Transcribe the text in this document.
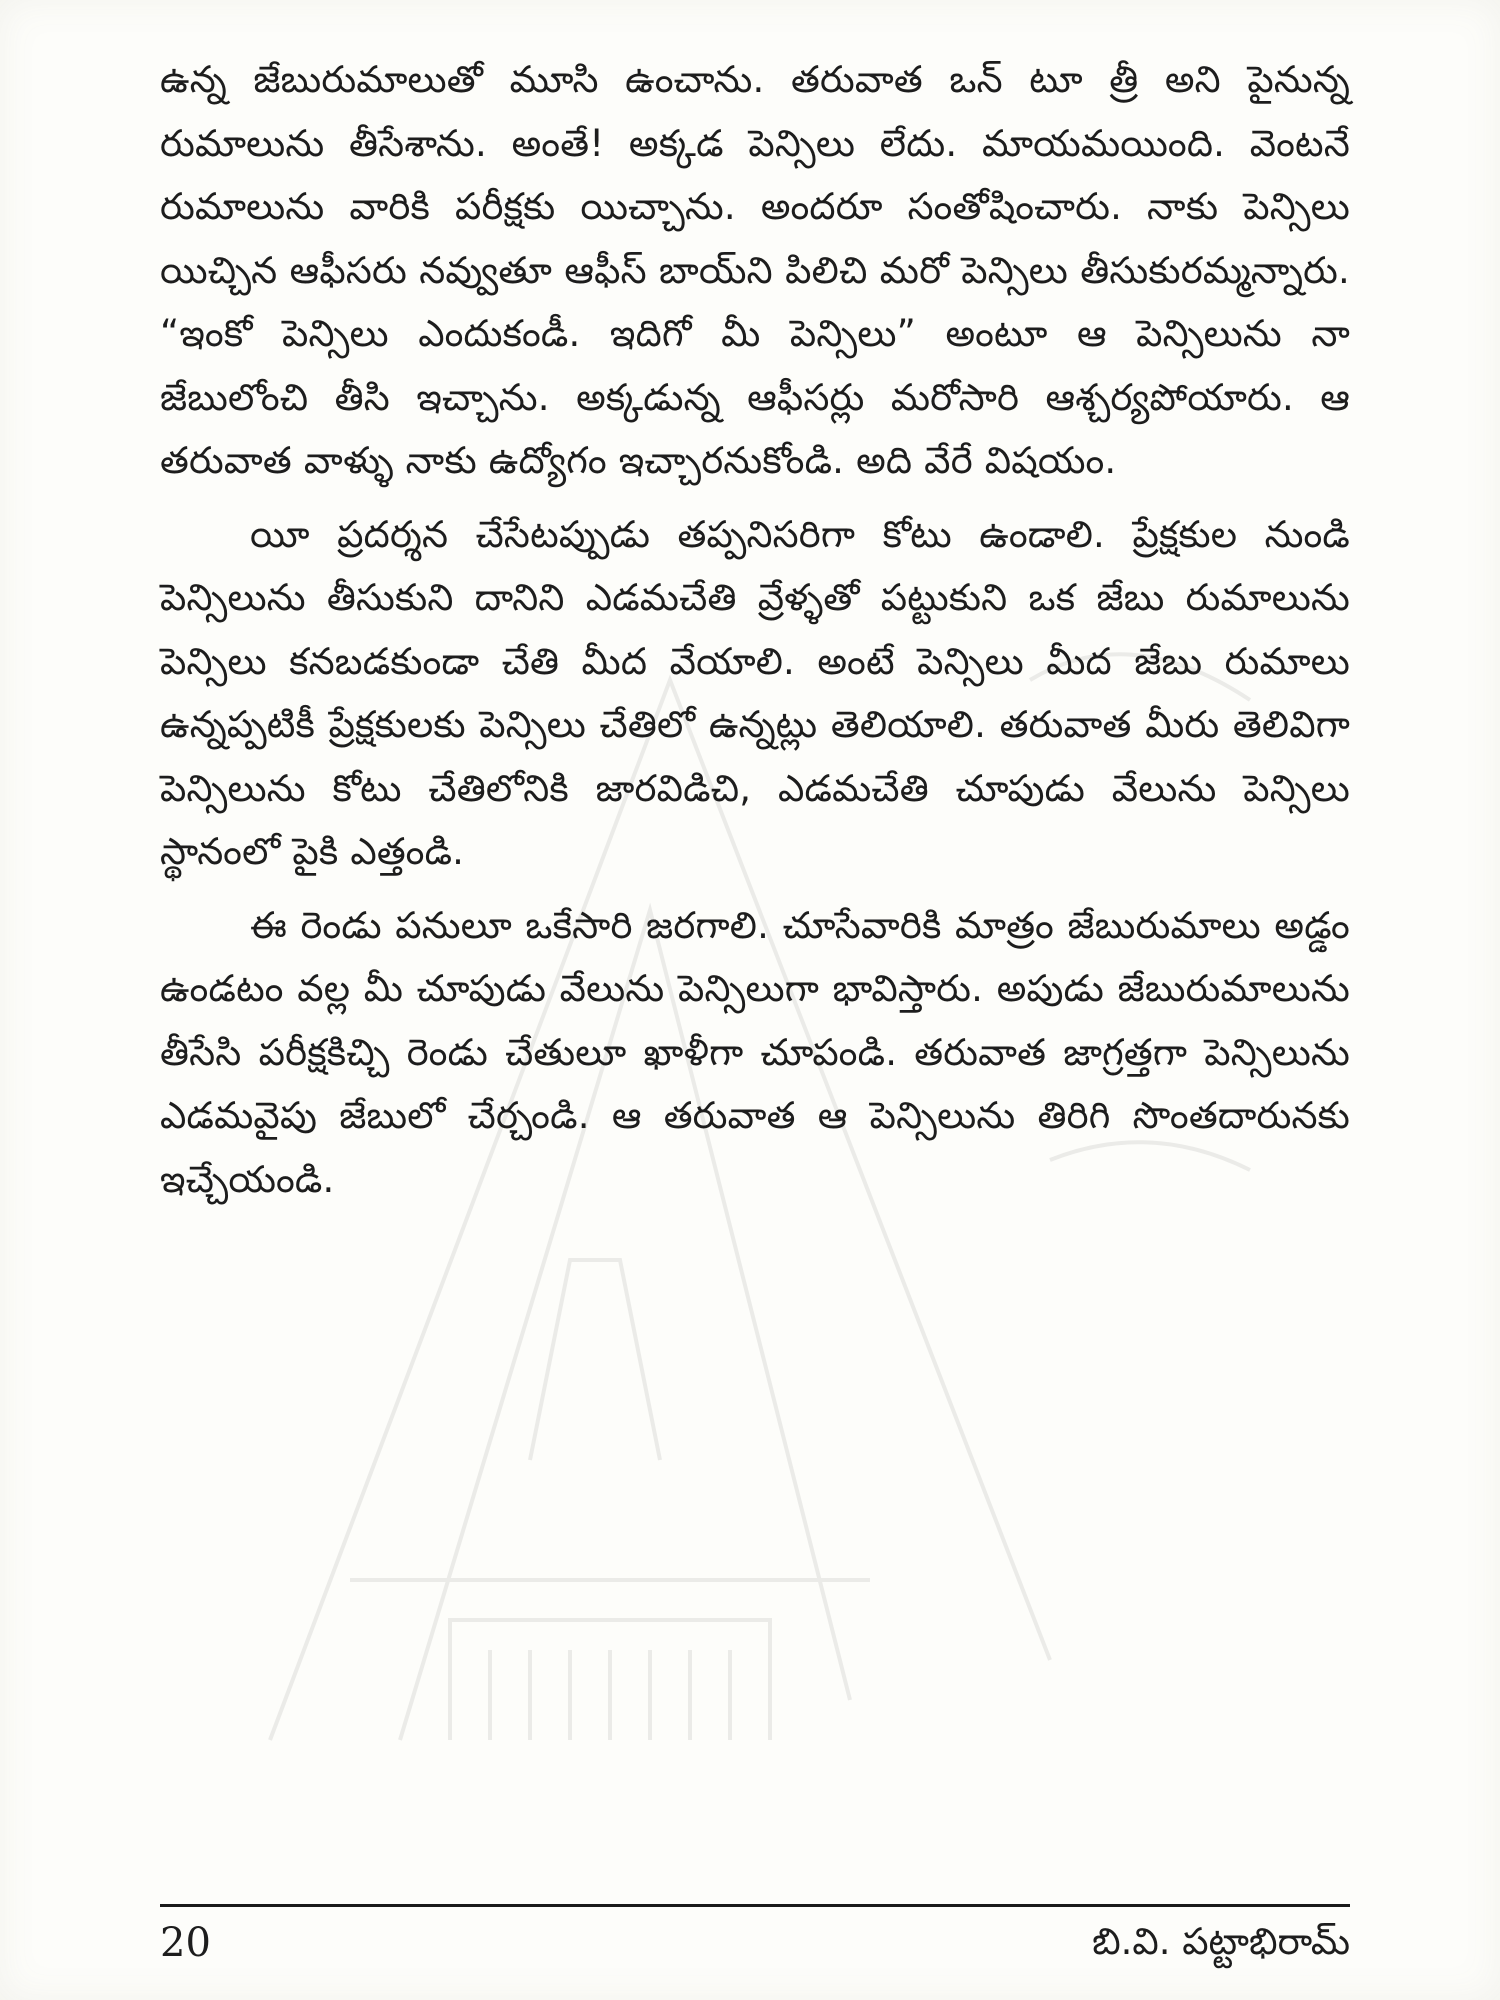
ఉన్న జేబురుమాలుతో మూసి ఉంచాను. తరువాత ఒన్ టూ త్రీ అని పైనున్న రుమాలును తీసేశాను. అంతే! అక్కడ పెన్సిలు లేదు. మాయమయింది. వెంటనే రుమాలును వారికి పరీక్షకు యిచ్చాను. అందరూ సంతోషించారు. నాకు పెన్సిలు యిచ్చిన ఆఫీసరు నవ్వుతూ ఆఫీస్ బాయ్‌ని పిలిచి మరో పెన్సిలు తీసుకురమ్మన్నారు. “ఇంకో పెన్సిలు ఎందుకండీ. ఇదిగో మీ పెన్సిలు” అంటూ ఆ పెన్సిలును నా జేబులోంచి తీసి ఇచ్చాను. అక్కడున్న ఆఫీసర్లు మరోసారి ఆశ్చర్యపోయారు. ఆ తరువాత వాళ్ళు నాకు ఉద్యోగం ఇచ్చారనుకోండి. అది వేరే విషయం.

యీ ప్రదర్శన చేసేటప్పుడు తప్పనిసరిగా కోటు ఉండాలి. ప్రేక్షకుల నుండి పెన్సిలును తీసుకుని దానిని ఎడమచేతి వ్రేళ్ళతో పట్టుకుని ఒక జేబు రుమాలును పెన్సిలు కనబడకుండా చేతి మీద వేయాలి. అంటే పెన్సిలు మీద జేబు రుమాలు ఉన్నప్పటికీ ప్రేక్షకులకు పెన్సిలు చేతిలో ఉన్నట్లు తెలియాలి. తరువాత మీరు తెలివిగా పెన్సిలును కోటు చేతిలోనికి జారవిడిచి, ఎడమచేతి చూపుడు వేలును పెన్సిలు స్థానంలో పైకి ఎత్తండి.

ఈ రెండు పనులూ ఒకేసారి జరగాలి. చూసేవారికి మాత్రం జేబురుమాలు అడ్డం ఉండటం వల్ల మీ చూపుడు వేలును పెన్సిలుగా భావిస్తారు. అపుడు జేబురుమాలును తీసేసి పరీక్షకిచ్చి రెండు చేతులూ ఖాళీగా చూపండి. తరువాత జాగ్రత్తగా పెన్సిలును ఎడమవైపు జేబులో చేర్చండి. ఆ తరువాత ఆ పెన్సిలును తిరిగి సొంతదారునకు ఇచ్చేయండి.

20	బి.వి. పట్టాభిరామ్
